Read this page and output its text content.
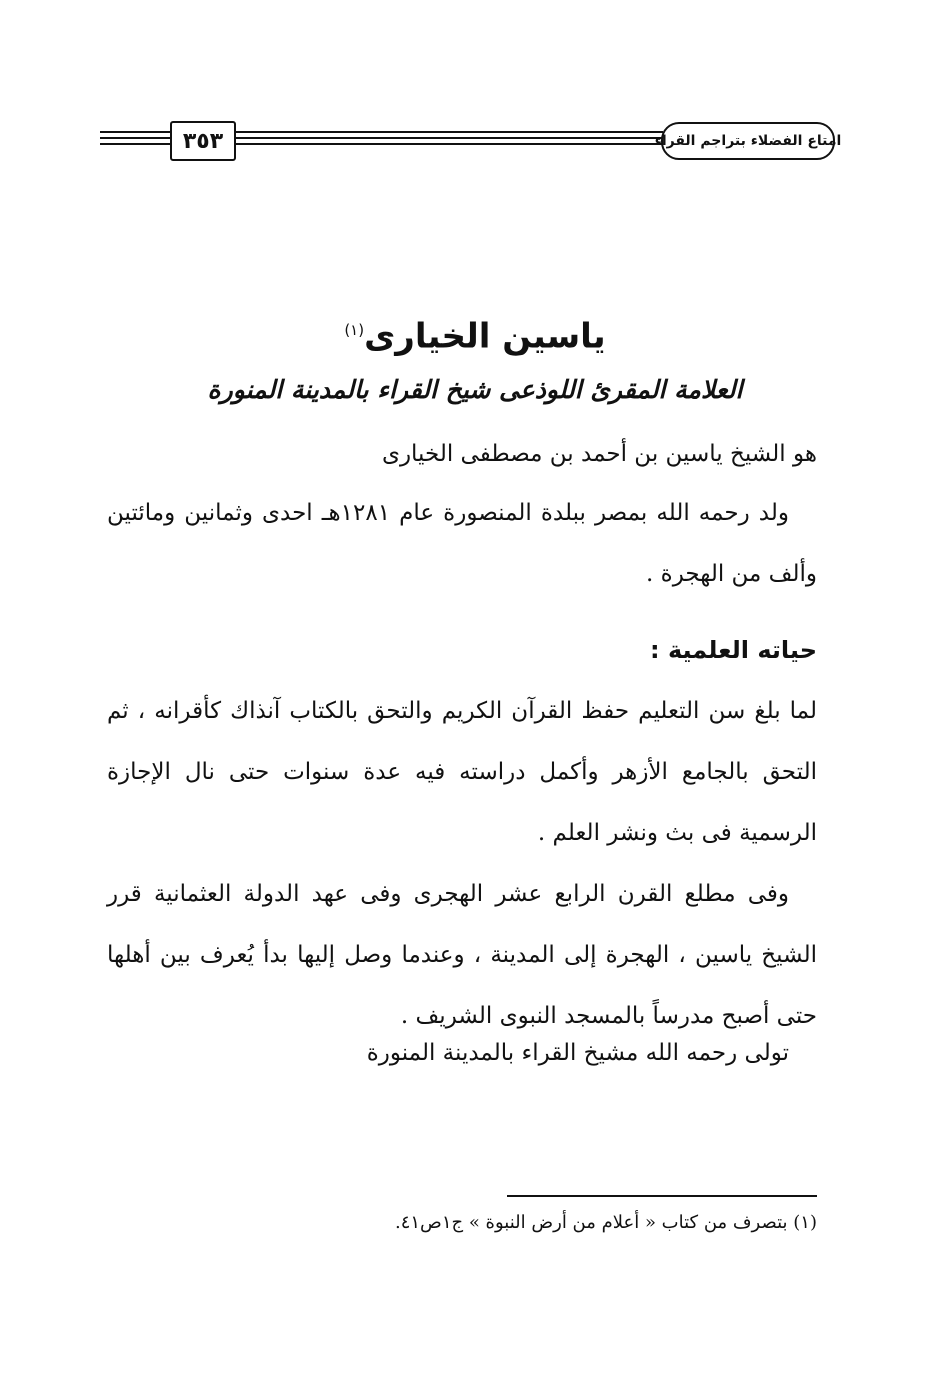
٣٥٣	امتاع الفضلاء بتراجم القراء
ياسين الخيارى$^{(١)}$
العلامة المقرئ اللوذعى شيخ القراء بالمدينة المنورة

هو الشيخ ياسين بن أحمد بن مصطفى الخيارى

ولد رحمه الله بمصر ببلدة المنصورة عام ١٢٨١هـ احدى وثمانين ومائتين وألف من الهجرة .

حياته العلمية :

لما بلغ سن التعليم حفظ القرآن الكريم والتحق بالكتاب آنذاك كأقرانه ، ثم التحق بالجامع الأزهر وأكمل دراسته فيه عدة سنوات حتى نال الإجازة الرسمية فى بث ونشر العلم .

وفى مطلع القرن الرابع عشر الهجرى وفى عهد الدولة العثمانية قرر الشيخ ياسين ، الهجرة إلى المدينة ، وعندما وصل إليها بدأ يُعرف بين أهلها حتى أصبح مدرساً بالمسجد النبوى الشريف .

تولى رحمه الله مشيخ القراء بالمدينة المنورة

(١) بتصرف من كتاب « أعلام من أرض النبوة » ج١ص٤١.
